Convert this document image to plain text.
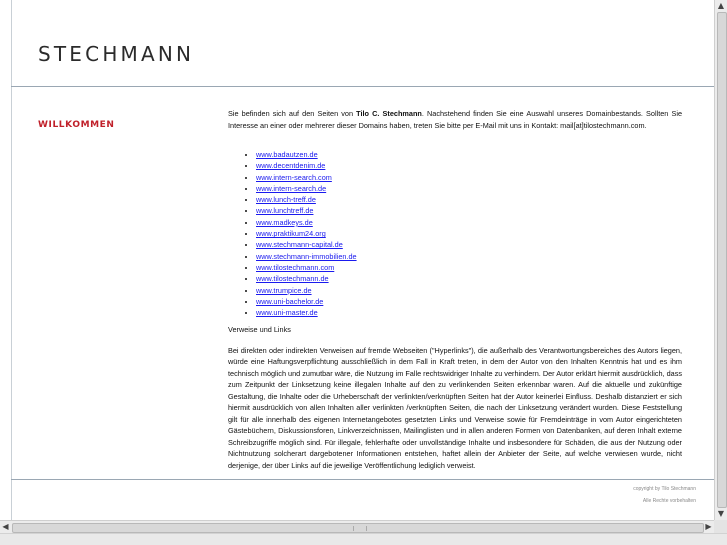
STECHMANN
WILLKOMMEN

Sie befinden sich auf den Seiten von Tilo C. Stechmann. Nachstehend finden Sie eine Auswahl unseres Domainbestands. Sollten Sie Interesse an einer oder mehrerer dieser Domains haben, treten Sie bitte per E-Mail mit uns in Kontakt: mail[at]tilostechmann.com.

• www.badautzen.de
• www.decentdenim.de
• www.intern-search.com
• www.intern-search.de
• www.lunch-treff.de
• www.lunchtreff.de
• www.madkeys.de
• www.praktikum24.org
• www.stechmann-capital.de
• www.stechmann-immobilien.de
• www.tilostechmann.com
• www.tilostechmann.de
• www.trumpice.de
• www.uni-bachelor.de
• www.uni-master.de

Verweise und Links

Bei direkten oder indirekten Verweisen auf fremde Webseiten ("Hyperlinks"), die außerhalb des Verantwortungsbereiches des Autors liegen, würde eine Haftungsverpflichtung ausschließlich in dem Fall in Kraft treten, in dem der Autor von den Inhalten Kenntnis hat und es ihm technisch möglich und zumutbar wäre, die Nutzung im Falle rechtswidriger Inhalte zu verhindern. Der Autor erklärt hiermit ausdrücklich, dass zum Zeitpunkt der Linksetzung keine illegalen Inhalte auf den zu verlinkenden Seiten erkennbar waren. Auf die aktuelle und zukünftige Gestaltung, die Inhalte oder die Urheberschaft der verlinkten/verknüpften Seiten hat der Autor keinerlei Einfluss. Deshalb distanziert er sich hiermit ausdrücklich von allen Inhalten aller verlinkten /verknüpften Seiten, die nach der Linksetzung verändert wurden. Diese Feststellung gilt für alle innerhalb des eigenen Internetangebotes gesetzten Links und Verweise sowie für Fremdeinträge in vom Autor eingerichteten Gästebüchern, Diskussionsforen, Linkverzeichnissen, Mailinglisten und in allen anderen Formen von Datenbanken, auf deren Inhalt externe Schreibzugriffe möglich sind. Für illegale, fehlerhafte oder unvollständige Inhalte und insbesondere für Schäden, die aus der Nutzung oder Nichtnutzung solcherart dargebotener Informationen entstehen, haftet allein der Anbieter der Seite, auf welche verwiesen wurde, nicht derjenige, der über Links auf die jeweilige Veröffentlichung lediglich verweist.

copyright by Tilo Stechmann
Alle Rechte vorbehalten
▲
▼
◀	▶
